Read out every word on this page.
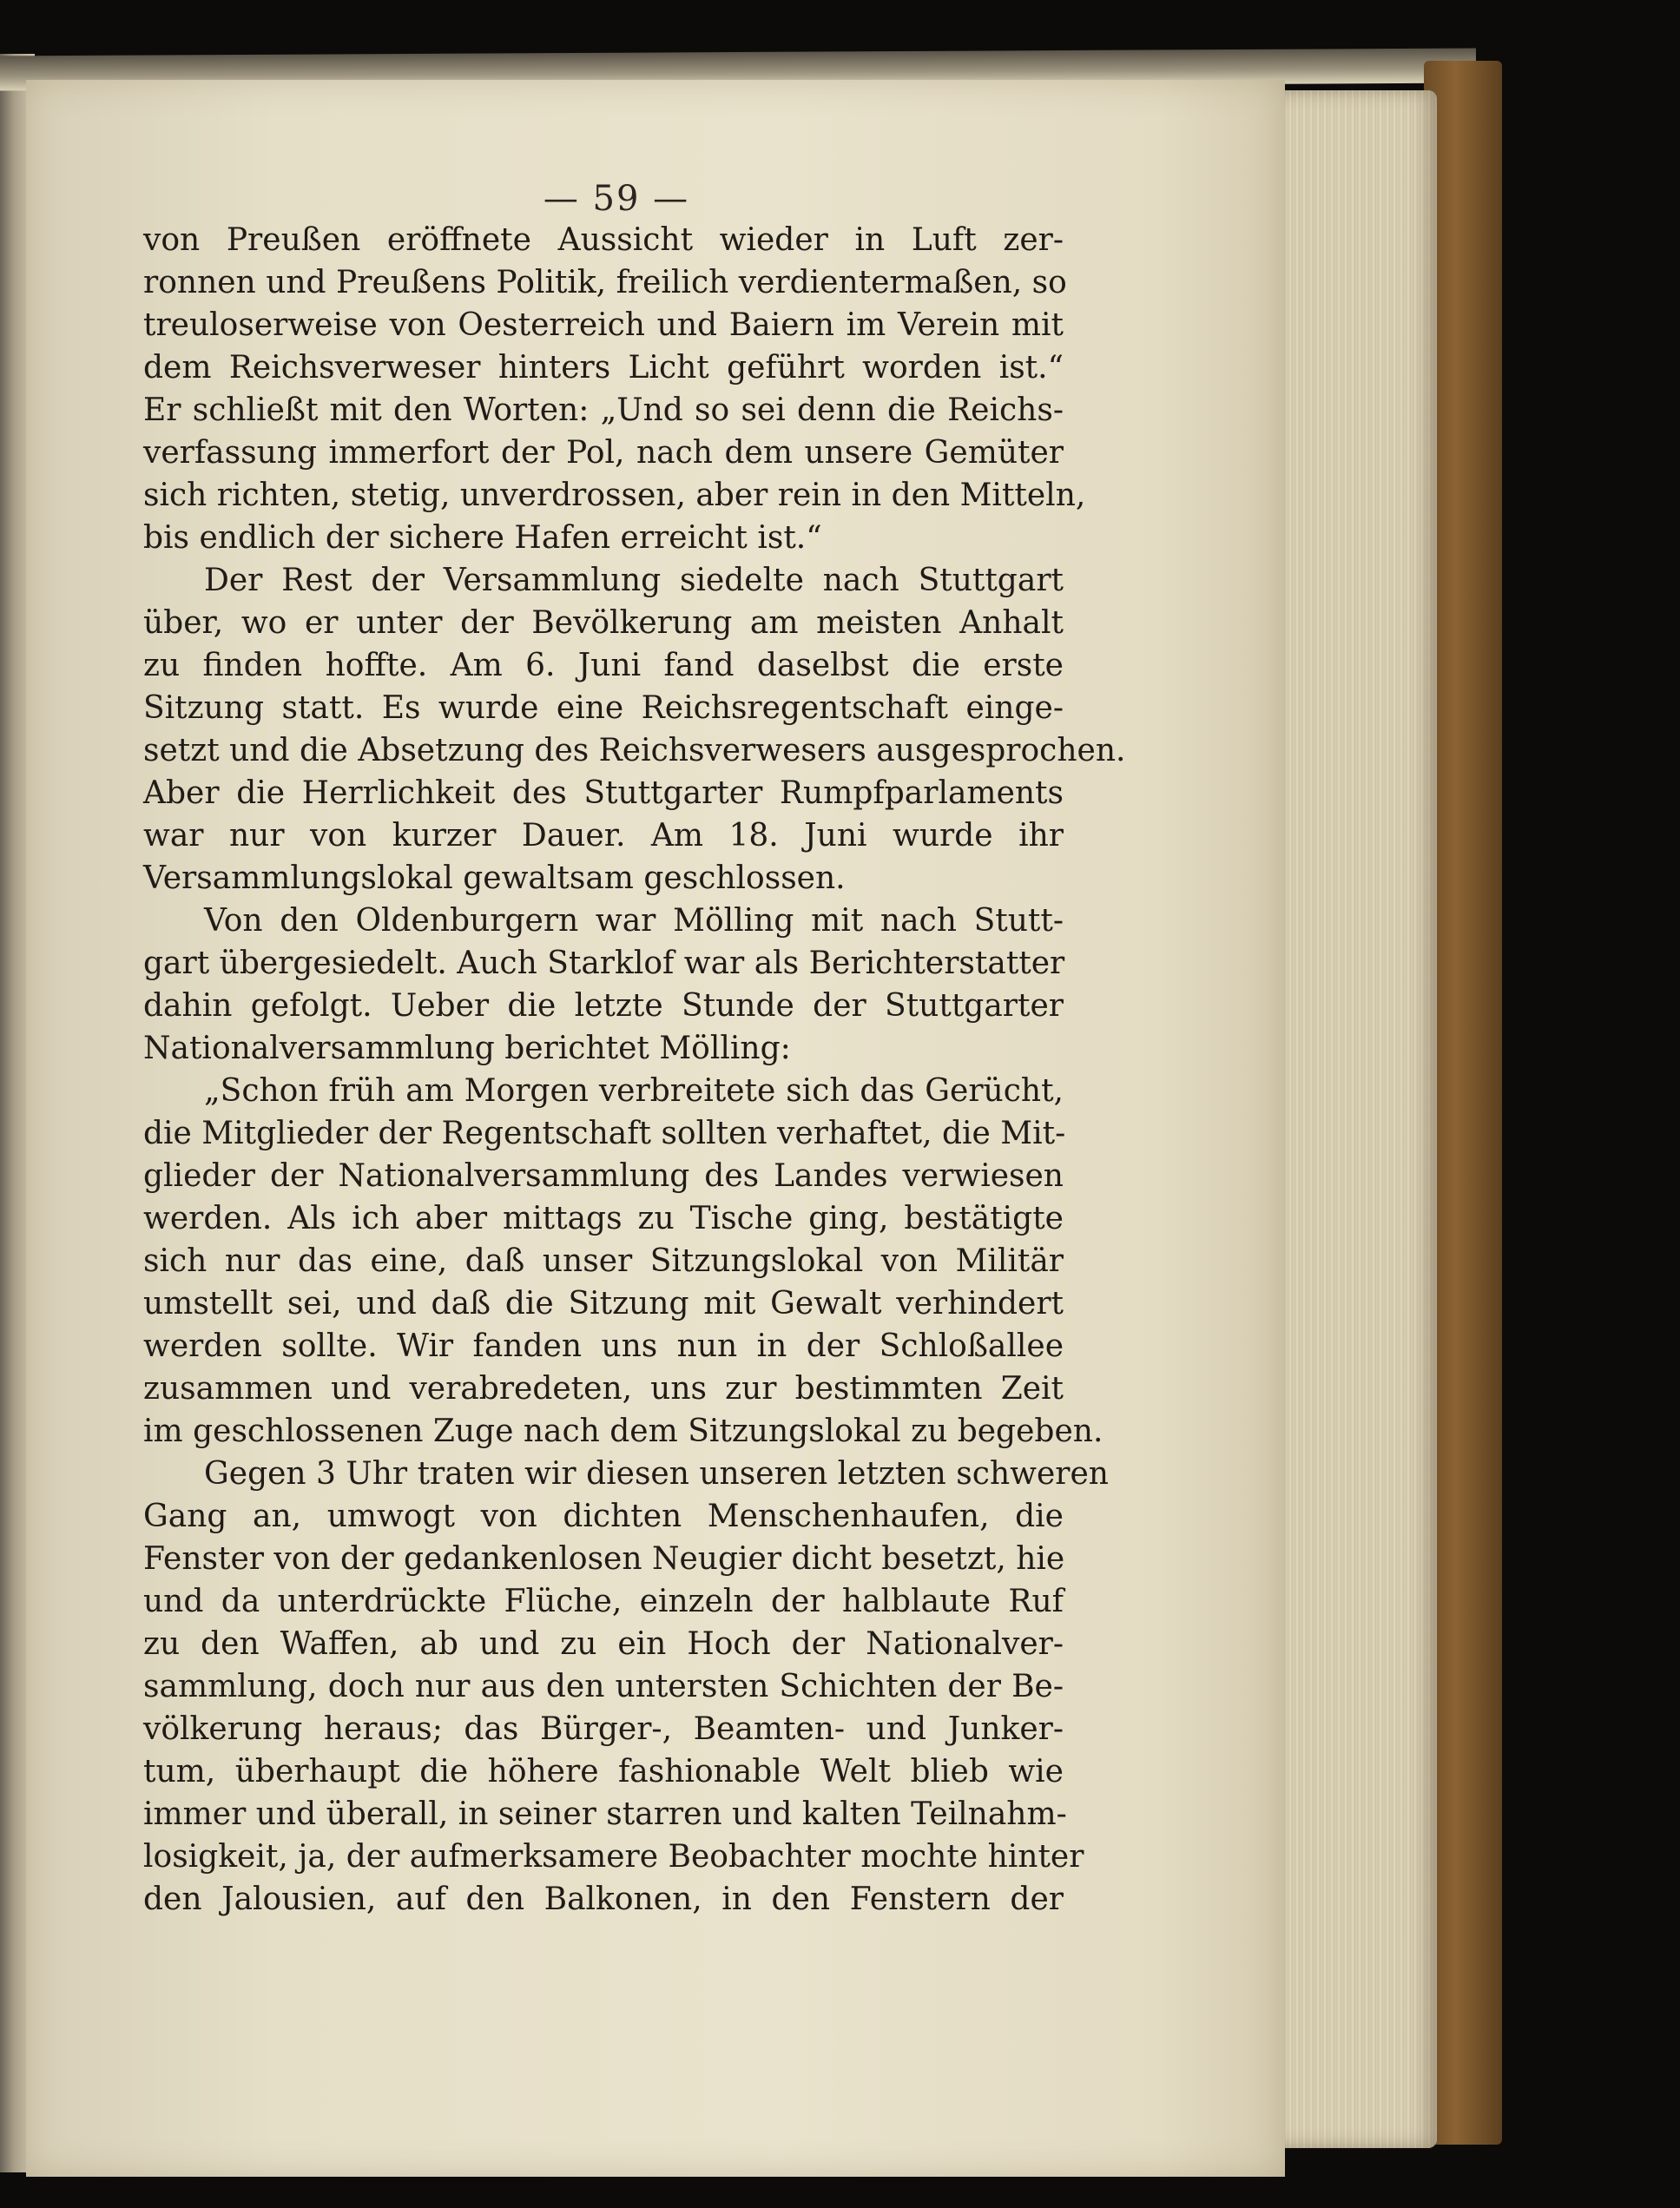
— 59 —
von Preußen eröffnete Aussicht wieder in Luft zer-
ronnen und Preußens Politik, freilich verdientermaßen, so
treuloserweise von Oesterreich und Baiern im Verein mit
dem Reichsverweser hinters Licht geführt worden ist.“
Er schließt mit den Worten: „Und so sei denn die Reichs-
verfassung immerfort der Pol, nach dem unsere Gemüter
sich richten, stetig, unverdrossen, aber rein in den Mitteln,
bis endlich der sichere Hafen erreicht ist.“
Der Rest der Versammlung siedelte nach Stuttgart
über, wo er unter der Bevölkerung am meisten Anhalt
zu finden hoffte. Am 6. Juni fand daselbst die erste
Sitzung statt. Es wurde eine Reichsregentschaft einge-
setzt und die Absetzung des Reichsverwesers ausgesprochen.
Aber die Herrlichkeit des Stuttgarter Rumpfparlaments
war nur von kurzer Dauer. Am 18. Juni wurde ihr
Versammlungslokal gewaltsam geschlossen.
Von den Oldenburgern war Mölling mit nach Stutt-
gart übergesiedelt. Auch Starklof war als Berichterstatter
dahin gefolgt. Ueber die letzte Stunde der Stuttgarter
Nationalversammlung berichtet Mölling:
„Schon früh am Morgen verbreitete sich das Gerücht,
die Mitglieder der Regentschaft sollten verhaftet, die Mit-
glieder der Nationalversammlung des Landes verwiesen
werden. Als ich aber mittags zu Tische ging, bestätigte
sich nur das eine, daß unser Sitzungslokal von Militär
umstellt sei, und daß die Sitzung mit Gewalt verhindert
werden sollte. Wir fanden uns nun in der Schloßallee
zusammen und verabredeten, uns zur bestimmten Zeit
im geschlossenen Zuge nach dem Sitzungslokal zu begeben.
Gegen 3 Uhr traten wir diesen unseren letzten schweren
Gang an, umwogt von dichten Menschenhaufen, die
Fenster von der gedankenlosen Neugier dicht besetzt, hie
und da unterdrückte Flüche, einzeln der halblaute Ruf
zu den Waffen, ab und zu ein Hoch der Nationalver-
sammlung, doch nur aus den untersten Schichten der Be-
völkerung heraus; das Bürger-, Beamten- und Junker-
tum, überhaupt die höhere fashionable Welt blieb wie
immer und überall, in seiner starren und kalten Teilnahm-
losigkeit, ja, der aufmerksamere Beobachter mochte hinter
den Jalousien, auf den Balkonen, in den Fenstern der
